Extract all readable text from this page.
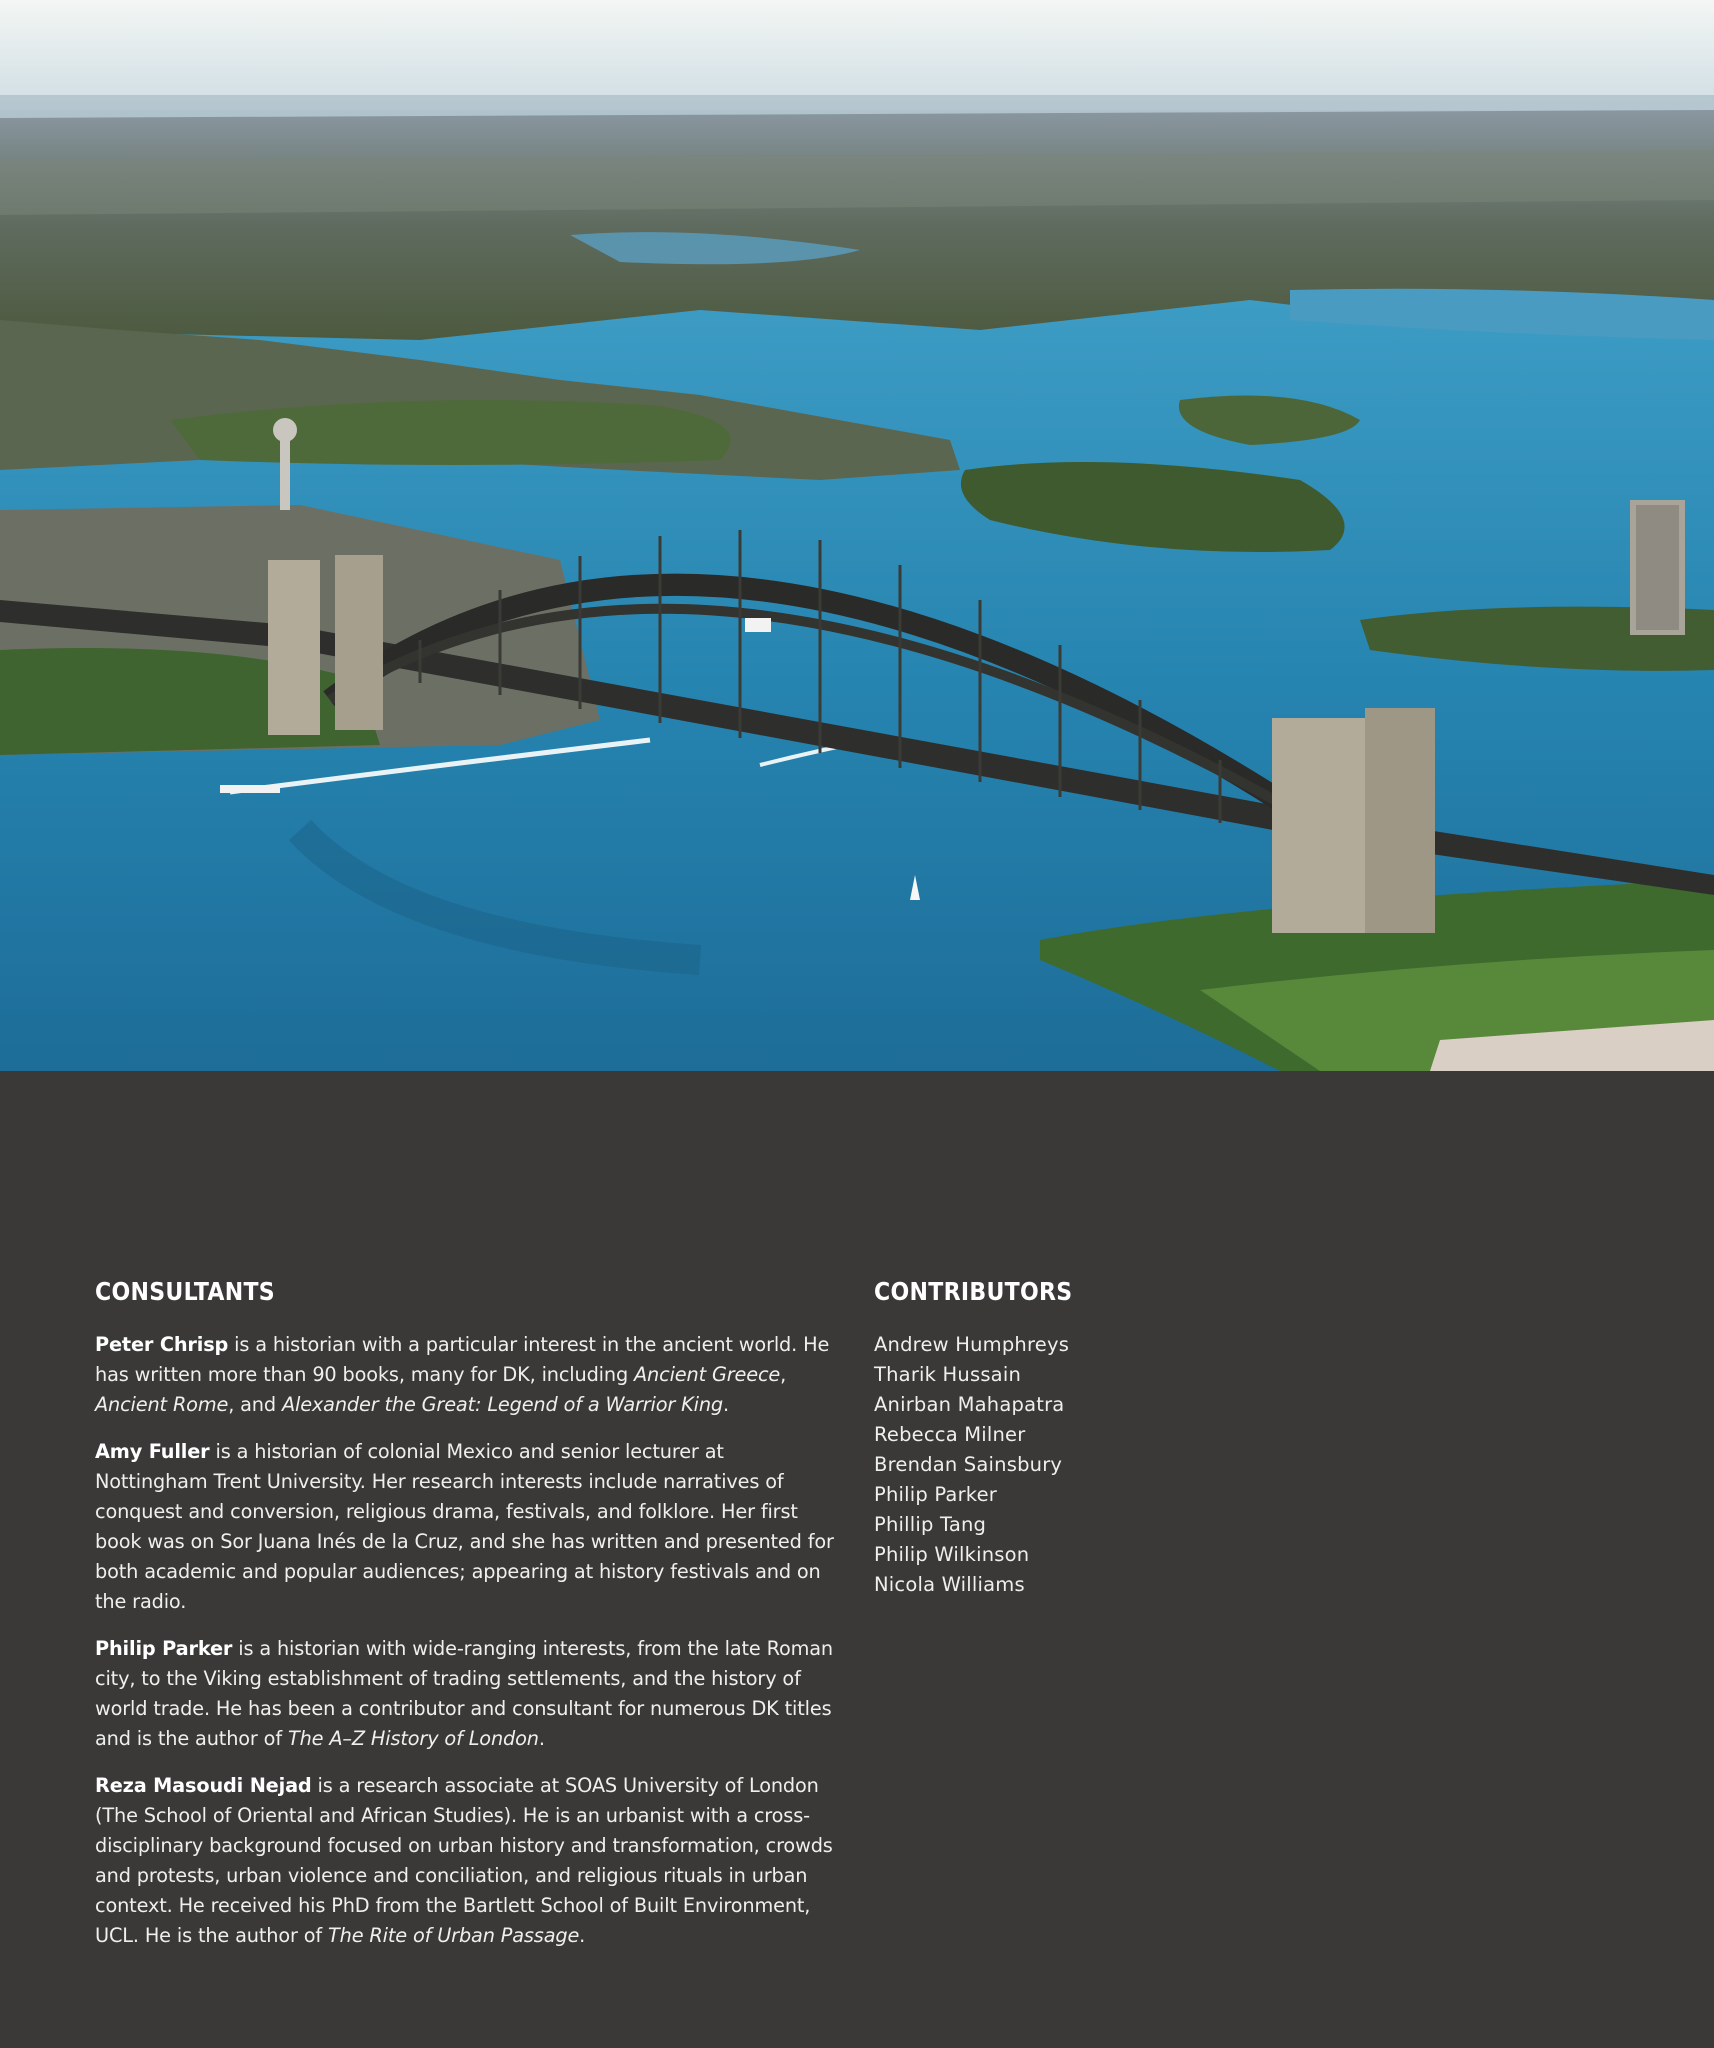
CONSULTANTS

Peter Chrisp is a historian with a particular interest in the ancient world. He has written more than 90 books, many for DK, including Ancient Greece, Ancient Rome, and Alexander the Great: Legend of a Warrior King.

Amy Fuller is a historian of colonial Mexico and senior lecturer at Nottingham Trent University. Her research interests include narratives of conquest and conversion, religious drama, festivals, and folklore. Her first book was on Sor Juana Inés de la Cruz, and she has written and presented for both academic and popular audiences; appearing at history festivals and on the radio.

Philip Parker is a historian with wide-ranging interests, from the late Roman city, to the Viking establishment of trading settlements, and the history of world trade. He has been a contributor and consultant for numerous DK titles and is the author of The A–Z History of London.

Reza Masoudi Nejad is a research associate at SOAS University of London (The School of Oriental and African Studies). He is an urbanist with a cross-disciplinary background focused on urban history and transformation, crowds and protests, urban violence and conciliation, and religious rituals in urban context. He received his PhD from the Bartlett School of Built Environment, UCL. He is the author of The Rite of Urban Passage.

CONTRIBUTORS
Andrew Humphreys
Tharik Hussain
Anirban Mahapatra
Rebecca Milner
Brendan Sainsbury
Philip Parker
Phillip Tang
Philip Wilkinson
Nicola Williams
